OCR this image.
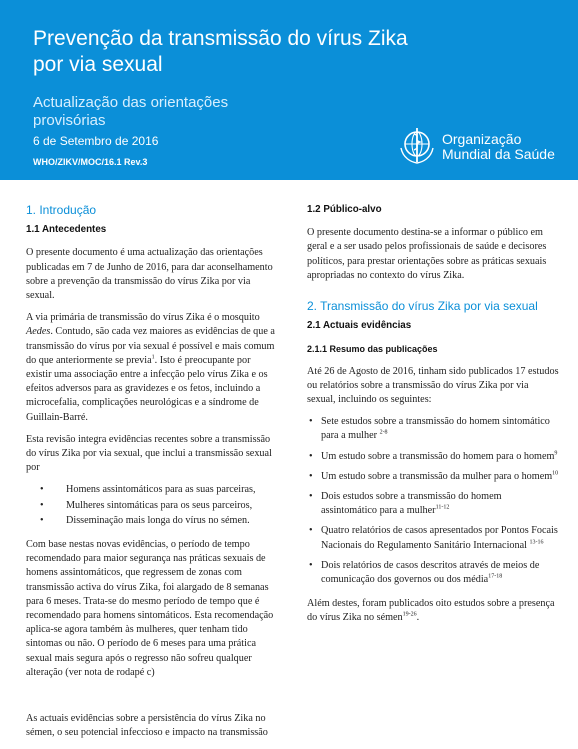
Prevenção da transmissão do vírus Zika por via sexual
Actualização das orientações provisórias
6 de Setembro de 2016
WHO/ZIKV/MOC/16.1 Rev.3
Organização
Mundial da Saúde
1. Introdução
1.1 Antecedentes

O presente documento é uma actualização das orientações publicadas em 7 de Junho de 2016, para dar aconselhamento sobre a prevenção da transmissão do vírus Zika por via sexual.

A via primária de transmissão do vírus Zika é o mosquito Aedes. Contudo, são cada vez maiores as evidências de que a transmissão do vírus por via sexual é possível e mais comum do que anteriormente se previa$^1$. Isto é preocupante por existir uma associação entre a infecção pelo vírus Zika e os efeitos adversos para as gravidezes e os fetos, incluindo a microcefalia, complicações neurológicas e a síndrome de Guillain-Barré.

Esta revisão integra evidências recentes sobre a transmissão do vírus Zika por via sexual, que inclui a transmissão sexual por

• Homens assintomáticos para as suas parceiras,
• Mulheres sintomáticas para os seus parceiros,
• Disseminação mais longa do vírus no sémen.

Com base nestas novas evidências, o período de tempo recomendado para maior segurança nas práticas sexuais de homens assintomáticos, que regressem de zonas com transmissão activa do vírus Zika, foi alargado de 8 semanas para 6 meses. Trata-se do mesmo período de tempo que é recomendado para homens sintomáticos. Esta recomendação aplica-se agora também às mulheres, quer tenham tido sintomas ou não. O período de 6 meses para uma prática sexual mais segura após o regresso não sofreu qualquer alteração (ver nota de rodapé c)

As actuais evidências sobre a persistência do vírus Zika no sémen, o seu potencial infeccioso e impacto na transmissão

1.2 Público-alvo

O presente documento destina-se a informar o público em geral e a ser usado pelos profissionais de saúde e decisores políticos, para prestar orientações sobre as práticas sexuais apropriadas no contexto do vírus Zika.

2. Transmissão do vírus Zika por via sexual
2.1 Actuais evidências
2.1.1 Resumo das publicações

Até 26 de Agosto de 2016, tinham sido publicados 17 estudos ou relatórios sobre a transmissão do vírus Zika por via sexual, incluindo os seguintes:

• Sete estudos sobre a transmissão do homem sintomático para a mulher $^{2-8}$
• Um estudo sobre a transmissão do homem para o homem$^9$
• Um estudo sobre a transmissão da mulher para o homem$^{10}$
• Dois estudos sobre a transmissão do homem assintomático para a mulher$^{11-12}$
• Quatro relatórios de casos apresentados por Pontos Focais Nacionais do Regulamento Sanitário Internacional $^{13-16}$
• Dois relatórios de casos descritos através de meios de comunicação dos governos ou dos média$^{17-18}$

Além destes, foram publicados oito estudos sobre a presença do vírus Zika no sémen$^{19-26}$.
